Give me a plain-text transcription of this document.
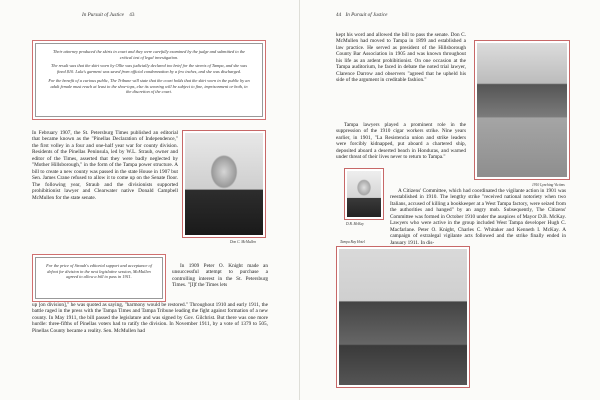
In Pursuit of Justice 43

Their attorney produced the skirts in court and they were carefully examined by the judge and submitted to the critical test of legal investigation.

The result was that the skirt worn by Ollie was judicially declared too brief for the streets of Tampa, and she was fined $10. Lula's garment was saved from official condemnation by a few inches, and she was discharged.

For the benefit of a curious public, The Tribune will state that the court holds that the skirt worn in the public by an adult female must reach at least to the shoe-tops, else its wearing will be subject to fine, imprisonment or both, in the discretion of the court.

In February 1907, the St. Petersburg Times published an editorial that became known as the "Pinellas Declaration of Independence," the first volley in a four and one-half year war for county division. Residents of the Pinellas Peninsula, led by W.L. Straub, owner and editor of the Times, asserted that they were badly neglected by "Mother Hillsborough," in the form of the Tampa power structure. A bill to create a new county was passed in the state House in 1907 but Sen. James Crane refused to allow it to come up on the Senate floor. The following year, Straub and the divisionists supported prohibitionist lawyer and Clearwater native Donald Campbell McMullen for the state senate.

Don C. McMullen

For the price of Straub's editorial support and acceptance of defeat for division in the next legislative session, McMullen agreed to allow a bill to pass in 1911.

In 1909 Peter O. Knight made an unsuccessful attempt to purchase a controlling interest in the St. Petersburg Times. "[I]f the Times lets

up [on division]," he was quoted as saying, "harmony would be restored." Throughout 1910 and early 1911, the battle raged in the press with the Tampa Times and Tampa Tribune leading the fight against formation of a new county. In May 1911, the bill passed the legislature and was signed by Gov. Gilchrist. But there was one more hurdle: three-fifths of Pinellas voters had to ratify the division. In November 1911, by a vote of 1379 to 505, Pinellas County became a reality. Sen. McMullen had

44 In Pursuit of Justice

kept his word and allowed the bill to pass the senate. Don C. McMullen had moved to Tampa in 1899 and established a law practice. He served as president of the Hillsborough County Bar Association in 1905 and was known throughout his life as an ardent prohibitionist. On one occasion at the Tampa auditorium, he faced in debate the noted trial lawyer, Clarence Darrow and observers "agreed that he upheld his side of the argument in creditable fashion."

Tampa lawyers played a prominent role in the suppression of the 1910 cigar workers strike. Nine years earlier, in 1901, "La Resistencia union and strike leaders were forcibly kidnapped, put aboard a chartered ship, deposited aboard a deserted beach in Honduras, and warned under threat of their lives never to return to Tampa."

1910 Lynching Victims
D.B. McKay

A Citizens' Committee, which had coordinated the vigilante action in 1901 was reestablished in 1910. The lengthy strike "received national notoriety when two Italians, accused of killing a bookkeeper at a West Tampa factory, were seized from the authorities and hanged" by an angry mob. Subsequently, The Citizens' Committee was formed in October 1910 under the auspices of Mayor D.B. McKay. Lawyers who were active in the group included West Tampa developer Hugh C. Macfarlane. Peter O. Knight, Charles C. Whitaker and Kenneth I. McKay. A campaign of extralegal vigilante acts followed and the strike finally ended in January 1911. In dis-

Tampa Bay Hotel
